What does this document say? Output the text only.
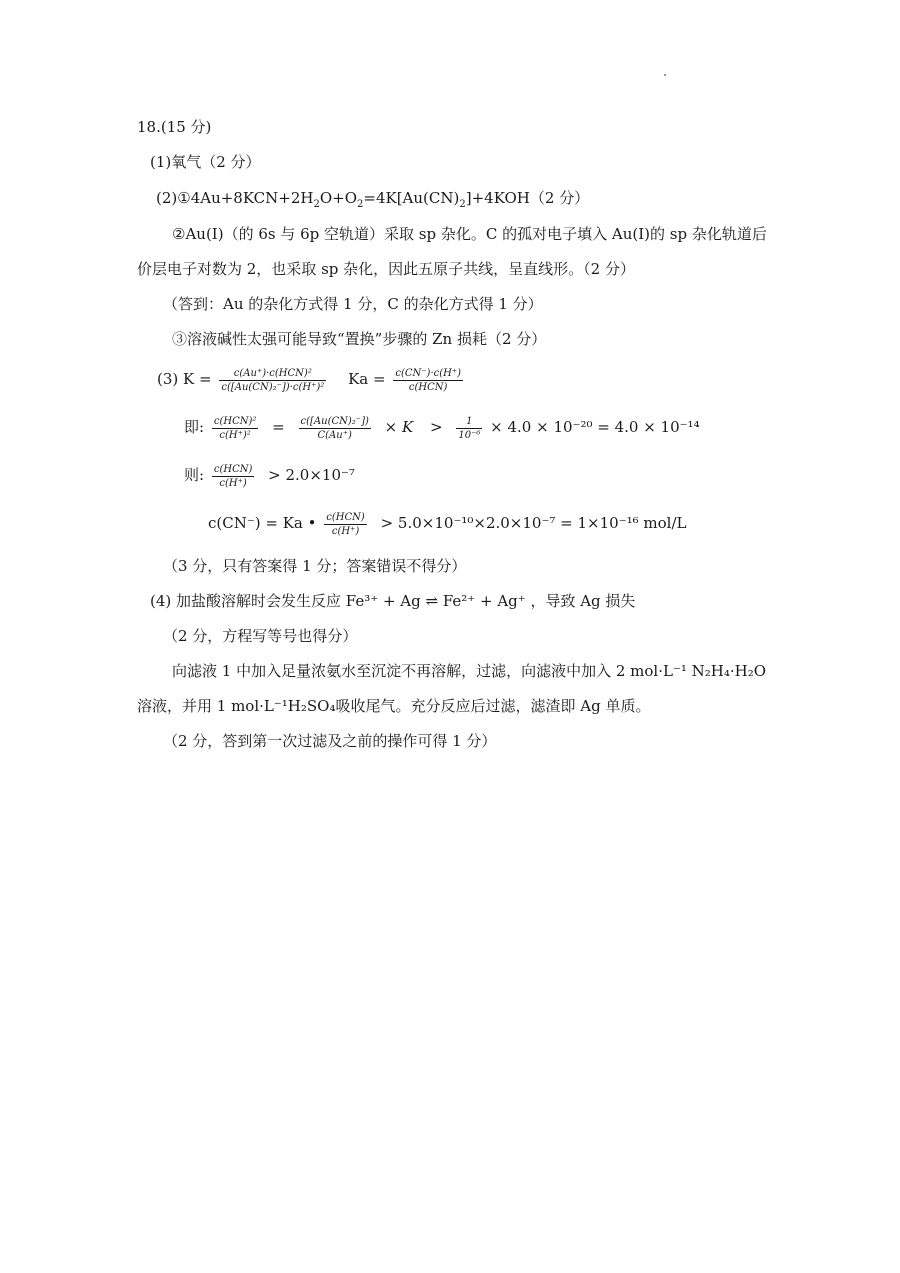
18.(15 分)
(1)氧气（2 分）
$(2)①4Au+8KCN+2H_2O+O_2=4K[Au(CN)_2]+4KOH(2$ 分）
②Au(I)（的 6s 与 6p 空轨道）采取 sp 杂化。C 的孤对电子填入 Au(I)的 sp 杂化轨道后
价层电子对数为 2，也采取 sp 杂化，因此五原子共线，呈直线形。（2 分）
（答到：Au 的杂化方式得 1 分，C 的杂化方式得 1 分）
③溶液碱性太强可能导致“置换”步骤的 Zn 损耗（2 分）
(3) $K = \frac{\text{c(Au⁺)·c(HCN)²}}{\text{c([Au(CN)₂⁻])·c(H⁺)²}}$ $Ka = \frac{c(CN^-)\cdot c(H^+)}{\text{c(HCN)}}$
即: $\frac{\text{c(HCN)²}}{\text{c(H⁺)²}} = \frac{\text{c([Au(CN)₂⁻])}}{C(Au^+)} \times K > \frac{1}{\text{10⁻⁶}} \times 4.0 \times 10^{-20} = 4.0 \times 10^{-14}$
则: $\frac{\text{c(HCN)}}{c(H^+)} > 2.0\times 10^{-7}$
c(CN⁻) = Ka • $\frac{\text{c(HCN)}}{c(H^+)} > 5.0\times 10^{-10}\times 2.0\times 10^{-7} = 1\times 10^{-16}$ mol/L
（3 分，只有答案得 1 分；答案错误不得分）
(4) 加盐酸溶解时会发生反应 Fe³⁺ + Ag ⇌ Fe²⁺ + Ag⁺ ，导致 Ag 损失
（2 分，方程写等号也得分）
向滤液 1 中加入足量浓氨水至沉淀不再溶解，过滤，向滤液中加入 2 mol·L⁻¹ N₂H₄·H₂O
溶液，并用 1 mol·L⁻¹H₂SO₄吸收尾气。充分反应后过滤，滤渣即 Ag 单质。
（2 分，答到第一次过滤及之前的操作可得 1 分）
